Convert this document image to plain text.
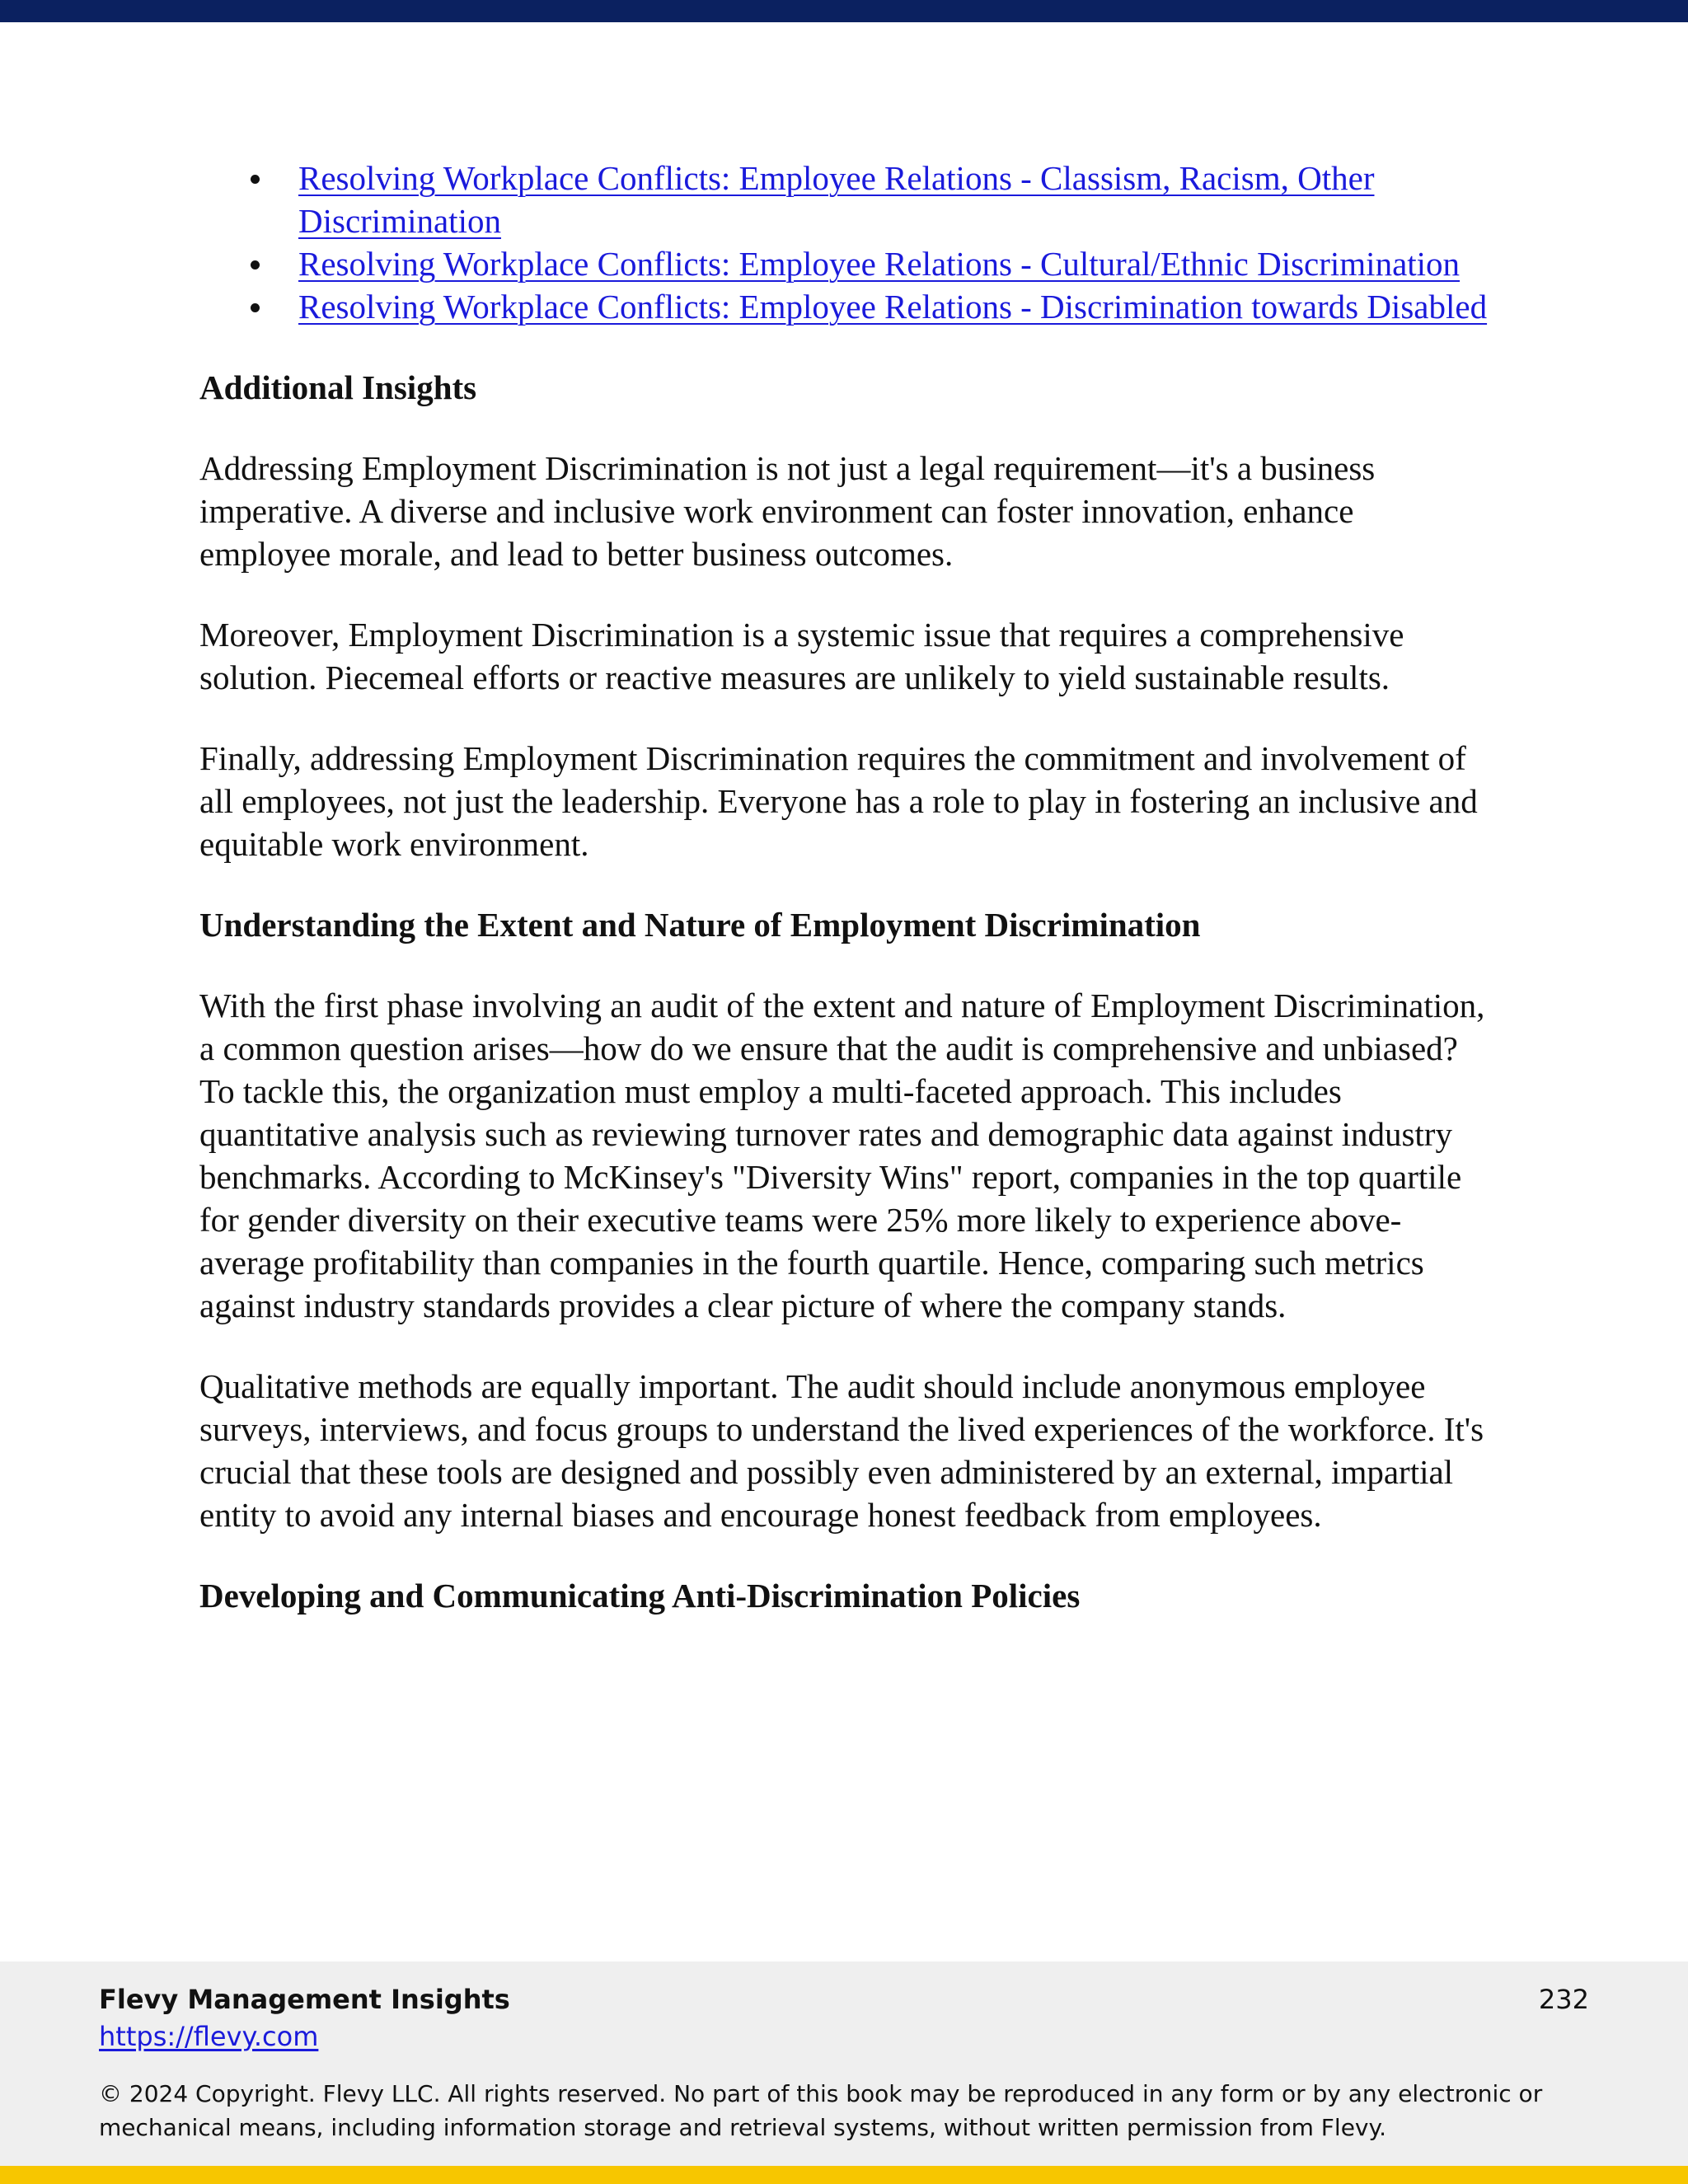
Resolving Workplace Conflicts: Employee Relations - Classism, Racism, Other Discrimination
Resolving Workplace Conflicts: Employee Relations - Cultural/Ethnic Discrimination
Resolving Workplace Conflicts: Employee Relations - Discrimination towards Disabled
Additional Insights

Addressing Employment Discrimination is not just a legal requirement—it's a business imperative. A diverse and inclusive work environment can foster innovation, enhance employee morale, and lead to better business outcomes.

Moreover, Employment Discrimination is a systemic issue that requires a comprehensive solution. Piecemeal efforts or reactive measures are unlikely to yield sustainable results.

Finally, addressing Employment Discrimination requires the commitment and involvement of all employees, not just the leadership. Everyone has a role to play in fostering an inclusive and equitable work environment.

Understanding the Extent and Nature of Employment Discrimination

With the first phase involving an audit of the extent and nature of Employment Discrimination, a common question arises—how do we ensure that the audit is comprehensive and unbiased? To tackle this, the organization must employ a multi-faceted approach. This includes quantitative analysis such as reviewing turnover rates and demographic data against industry benchmarks. According to McKinsey's "Diversity Wins" report, companies in the top quartile for gender diversity on their executive teams were 25% more likely to experience above-average profitability than companies in the fourth quartile. Hence, comparing such metrics against industry standards provides a clear picture of where the company stands.

Qualitative methods are equally important. The audit should include anonymous employee surveys, interviews, and focus groups to understand the lived experiences of the workforce. It's crucial that these tools are designed and possibly even administered by an external, impartial entity to avoid any internal biases and encourage honest feedback from employees.

Developing and Communicating Anti-Discrimination Policies
Flevy Management Insights
https://flevy.com
232
© 2024 Copyright. Flevy LLC. All rights reserved. No part of this book may be reproduced in any form or by any electronic or mechanical means, including information storage and retrieval systems, without written permission from Flevy.
